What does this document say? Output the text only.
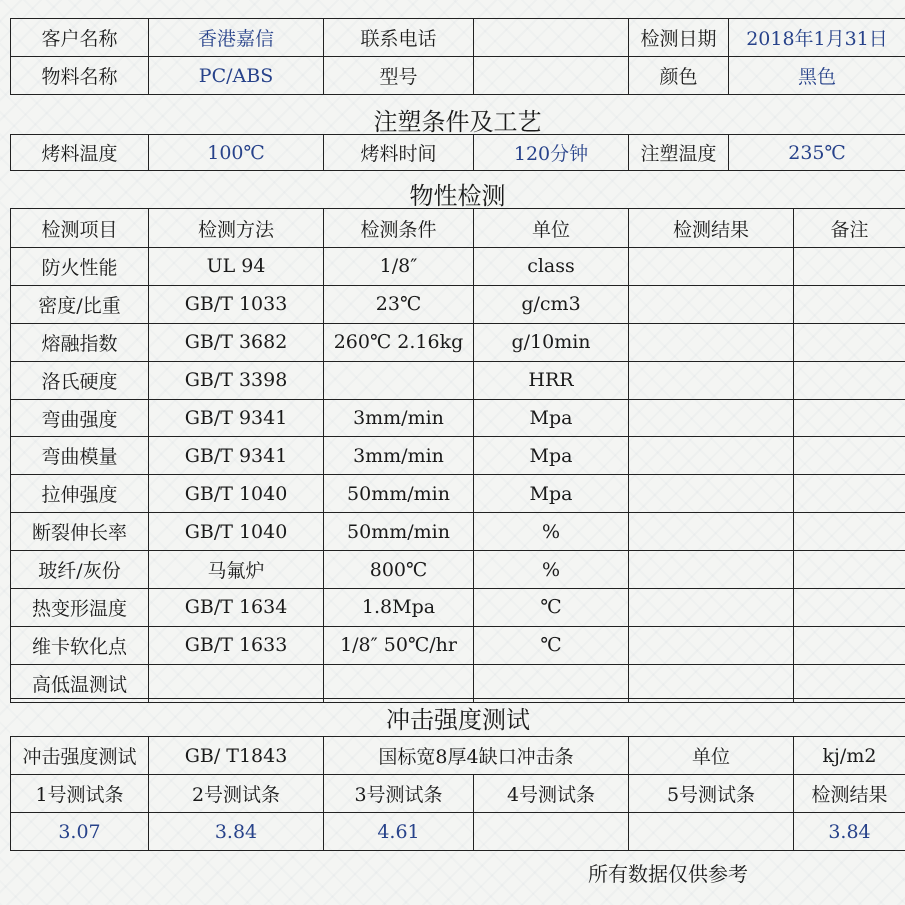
客户名称	香港嘉信	联系电话		检测日期	2018年1月31日
物料名称	PC/ABS	型号		颜色	黑色
注塑条件及工艺
烤料温度	100℃	烤料时间	120分钟	注塑温度	235℃
物性检测
检测项目	检测方法	检测条件	单位	检测结果	备注
防火性能	UL 94	1/8″	class		
密度/比重	GB/T 1033	23℃	g/cm3		
熔融指数	GB/T 3682	260℃ 2.16kg	g/10min		
洛氏硬度	GB/T 3398		HRR		
弯曲强度	GB/T 9341	3mm/min	Mpa		
弯曲模量	GB/T 9341	3mm/min	Mpa		
拉伸强度	GB/T 1040	50mm/min	Mpa		
断裂伸长率	GB/T 1040	50mm/min	%		
玻纤/灰份	马氟炉	800℃	%		
热变形温度	GB/T 1634	1.8Mpa	℃		
维卡软化点	GB/T 1633	1/8″ 50℃/hr	℃		
高低温测试					
冲击强度测试					
冲击强度测试	GB/ T1843	国标宽8厚4缺口冲击条		单位	kj/m2
1号测试条	2号测试条	3号测试条	4号测试条	5号测试条	检测结果
3.07	3.84	4.61			3.84
所有数据仅供参考
